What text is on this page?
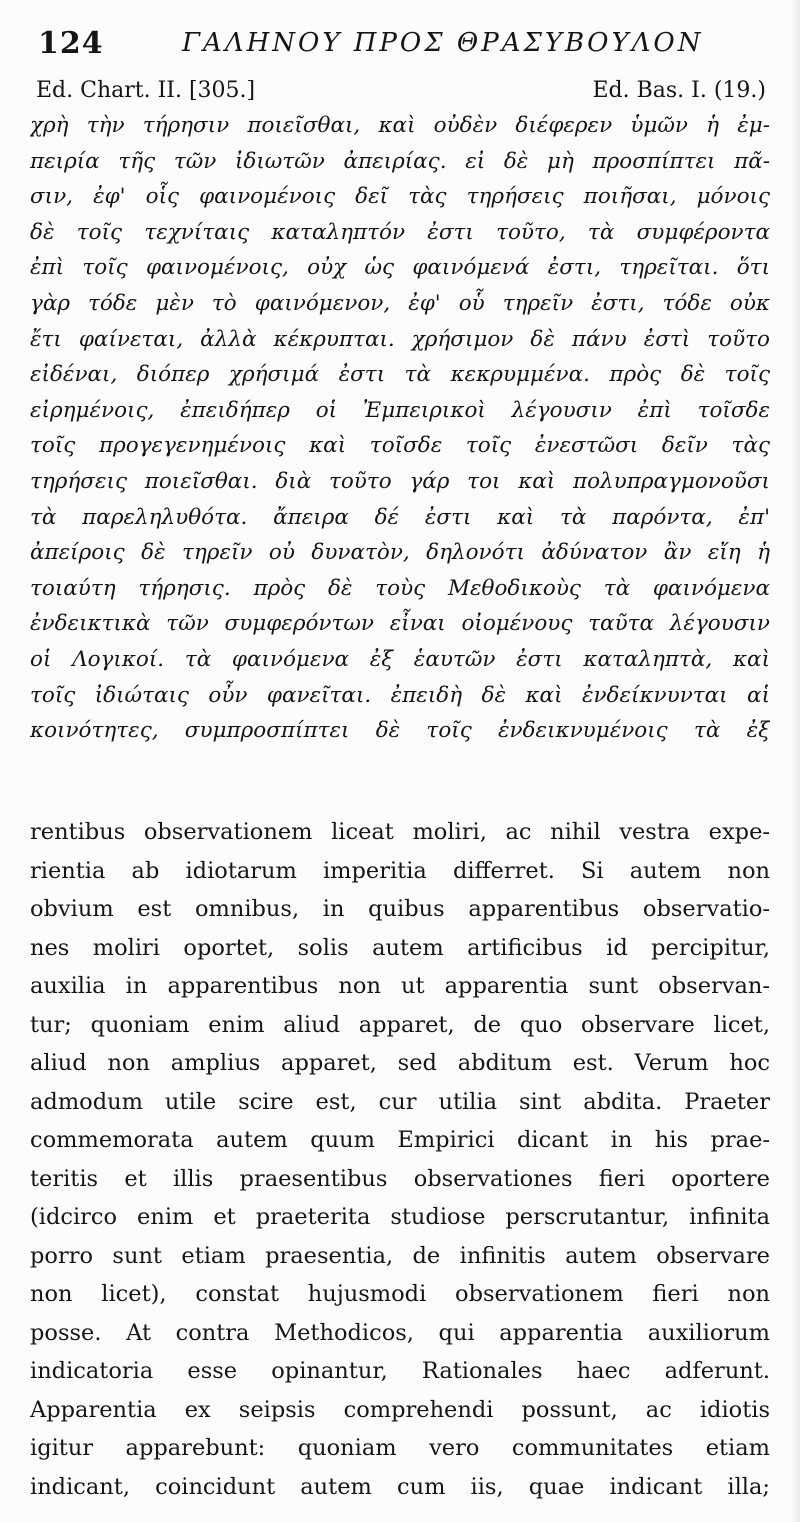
124	ΓΑΛΗΝΟΥ ΠΡΟΣ ΘΡΑΣΥΒΟΥΛΟΝ
Ed. Chart. II. [305.]	Ed. Bas. I. (19.)
χρὴ τὴν τήρησιν ποιεῖσθαι, καὶ οὐδὲν διέφερεν ὑμῶν ἡ ἐμ-
πειρία τῆς τῶν ἰδιωτῶν ἀπειρίας. εἰ δὲ μὴ προσπίπτει πᾶ-
σιν, ἐφ' οἷς φαινομένοις δεῖ τὰς τηρήσεις ποιῆσαι, μόνοις
δὲ τοῖς τεχνίταις καταληπτόν ἐστι τοῦτο, τὰ συμφέροντα
ἐπὶ τοῖς φαινομένοις, οὐχ ὡς φαινόμενά ἐστι, τηρεῖται. ὅτι
γὰρ τόδε μὲν τὸ φαινόμενον, ἐφ' οὗ τηρεῖν ἐστι, τόδε οὐκ
ἔτι φαίνεται, ἀλλὰ κέκρυπται. χρήσιμον δὲ πάνυ ἐστὶ τοῦτο
εἰδέναι, διόπερ χρήσιμά ἐστι τὰ κεκρυμμένα. πρὸς δὲ τοῖς
εἰρημένοις, ἐπειδήπερ οἱ Ἐμπειρικοὶ λέγουσιν ἐπὶ τοῖσδε
τοῖς προγεγενημένοις καὶ τοῖσδε τοῖς ἐνεστῶσι δεῖν τὰς
τηρήσεις ποιεῖσθαι. διὰ τοῦτο γάρ τοι καὶ πολυπραγμονοῦσι
τὰ παρεληλυθότα. ἄπειρα δέ ἐστι καὶ τὰ παρόντα, ἐπ'
ἀπείροις δὲ τηρεῖν οὐ δυνατὸν, δηλονότι ἀδύνατον ἂν εἴη ἡ
τοιαύτη τήρησις. πρὸς δὲ τοὺς Μεθοδικοὺς τὰ φαινόμενα
ἐνδεικτικὰ τῶν συμφερόντων εἶναι οἰομένους ταῦτα λέγουσιν
οἱ Λογικοί. τὰ φαινόμενα ἐξ ἑαυτῶν ἐστι καταληπτὰ, καὶ
τοῖς ἰδιώταις οὖν φανεῖται. ἐπειδὴ δὲ καὶ ἐνδείκνυνται αἱ
κοινότητες, συμπροσπίπτει δὲ τοῖς ἐνδεικνυμένοις τὰ ἐξ
rentibus observationem liceat moliri, ac nihil vestra expe-
rientia ab idiotarum imperitia differret. Si autem non
obvium est omnibus, in quibus apparentibus observatio-
nes moliri oportet, solis autem artificibus id percipitur,
auxilia in apparentibus non ut apparentia sunt observan-
tur; quoniam enim aliud apparet, de quo observare licet,
aliud non amplius apparet, sed abditum est. Verum hoc
admodum utile scire est, cur utilia sint abdita. Praeter
commemorata autem quum Empirici dicant in his prae-
teritis et illis praesentibus observationes fieri oportere
(idcirco enim et praeterita studiose perscrutantur, infinita
porro sunt etiam praesentia, de infinitis autem observare
non licet), constat hujusmodi observationem fieri non
posse. At contra Methodicos, qui apparentia auxiliorum
indicatoria esse opinantur, Rationales haec adferunt.
Apparentia ex seipsis comprehendi possunt, ac idiotis
igitur apparebunt: quoniam vero communitates etiam
indicant, coincidunt autem cum iis, quae indicant illa;
